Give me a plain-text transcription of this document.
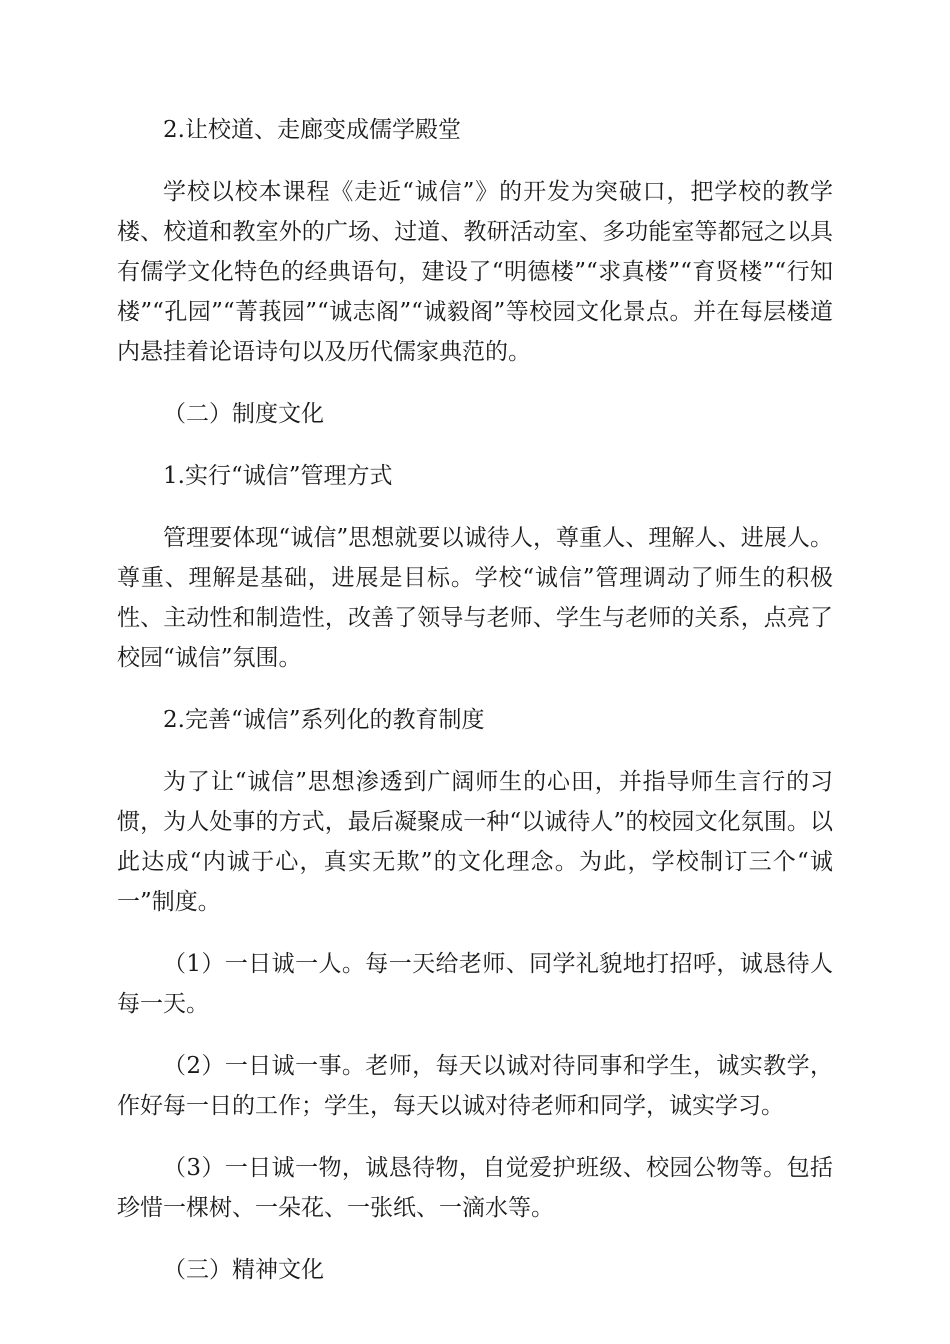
2.让校道、走廊变成儒学殿堂

学校以校本课程《走近“诚信”》的开发为突破口，把学校的教学楼、校道和教室外的广场、过道、教研活动室、多功能室等都冠之以具有儒学文化特色的经典语句，建设了“明德楼”“求真楼”“育贤楼”“行知楼”“孔园”“菁莪园”“诚志阁”“诚毅阁”等校园文化景点。并在每层楼道内悬挂着论语诗句以及历代儒家典范的。

（二）制度文化

1.实行“诚信”管理方式

管理要体现“诚信”思想就要以诚待人，尊重人、理解人、进展人。尊重、理解是基础，进展是目标。学校“诚信”管理调动了师生的积极性、主动性和制造性，改善了领导与老师、学生与老师的关系，点亮了校园“诚信”氛围。

2.完善“诚信”系列化的教育制度

为了让“诚信”思想渗透到广阔师生的心田，并指导师生言行的习惯，为人处事的方式，最后凝聚成一种“以诚待人”的校园文化氛围。以此达成“内诚于心，真实无欺”的文化理念。为此，学校制订三个“诚一”制度。

（1）一日诚一人。每一天给老师、同学礼貌地打招呼，诚恳待人每一天。

（2）一日诚一事。老师，每天以诚对待同事和学生，诚实教学，作好每一日的工作；学生，每天以诚对待老师和同学，诚实学习。

（3）一日诚一物，诚恳待物，自觉爱护班级、校园公物等。包括珍惜一棵树、一朵花、一张纸、一滴水等。

（三）精神文化
